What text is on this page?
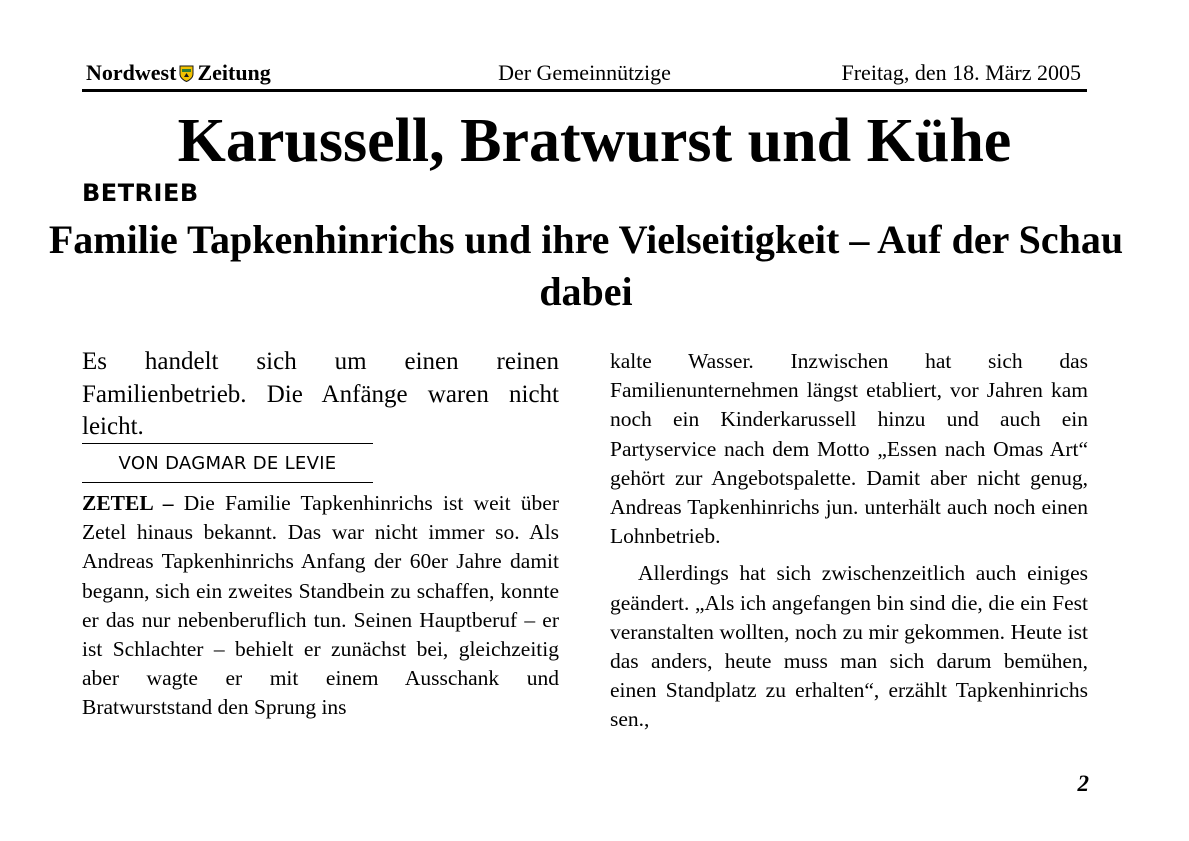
Nordwest Zeitung	Der Gemeinnützige	Freitag, den 18. März 2005
Karussell, Bratwurst und Kühe
BETRIEB
Familie Tapkenhinrichs und ihre Vielseitigkeit – Auf der Schau dabei
Es handelt sich um einen reinen Familienbetrieb. Die Anfänge waren nicht leicht.
VON DAGMAR DE LEVIE

ZETEL – Die Familie Tapkenhinrichs ist weit über Zetel hinaus bekannt. Das war nicht immer so. Als Andreas Tapkenhinrichs Anfang der 60er Jahre damit begann, sich ein zweites Standbein zu schaffen, konnte er das nur nebenberuflich tun. Seinen Hauptberuf – er ist Schlachter – behielt er zunächst bei, gleichzeitig aber wagte er mit einem Ausschank und Bratwurststand den Sprung ins

kalte Wasser. Inzwischen hat sich das Familienunternehmen längst etabliert, vor Jahren kam noch ein Kinderkarussell hinzu und auch ein Partyservice nach dem Motto „Essen nach Omas Art“ gehört zur Angebotspalette. Damit aber nicht genug, Andreas Tapkenhinrichs jun. unterhält auch noch einen Lohnbetrieb.

Allerdings hat sich zwischenzeitlich auch einiges geändert. „Als ich angefangen bin sind die, die ein Fest veranstalten wollten, noch zu mir gekommen. Heute ist das anders, heute muss man sich darum bemühen, einen Standplatz zu erhalten“, erzählt Tapkenhinrichs sen.,

2
